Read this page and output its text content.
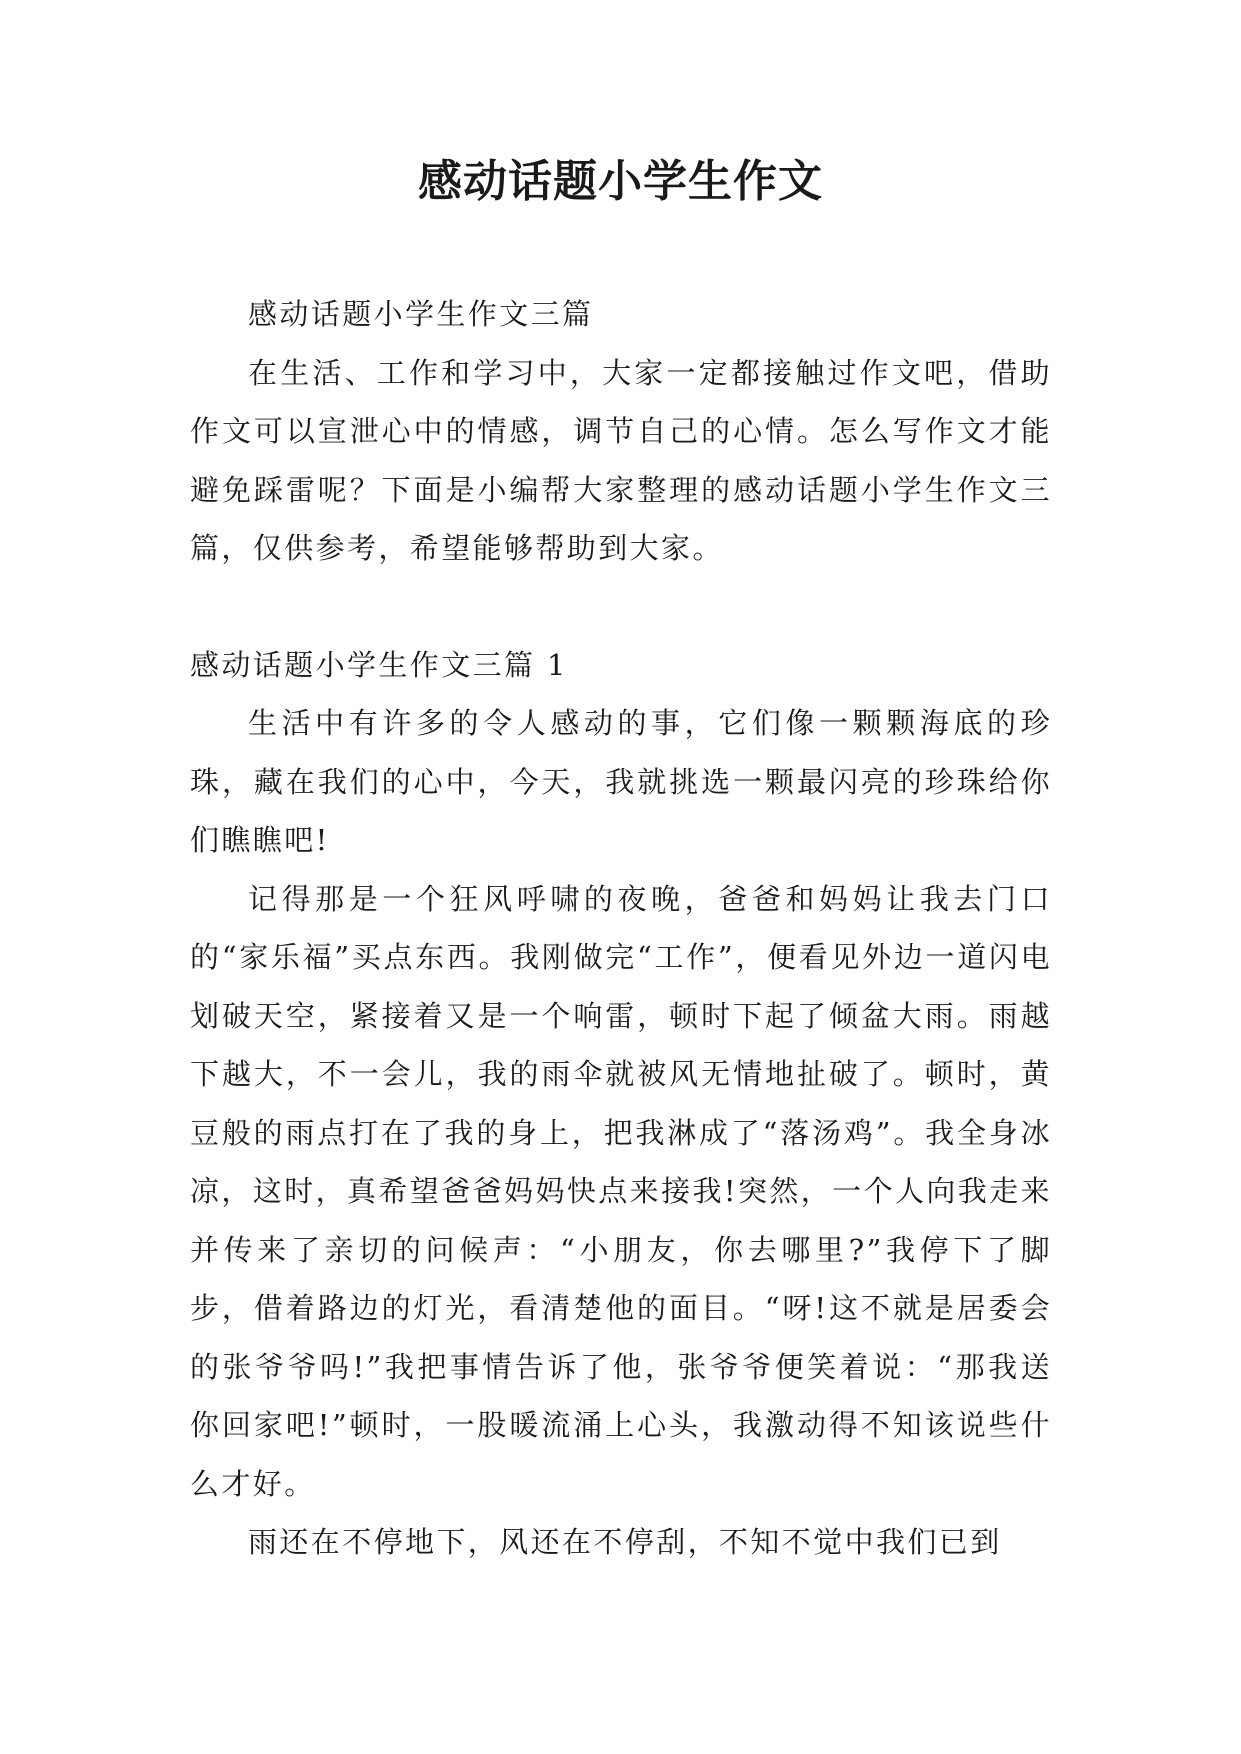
感动话题小学生作文

感动话题小学生作文三篇

在生活、工作和学习中，大家一定都接触过作文吧，借助作文可以宣泄心中的情感，调节自己的心情。怎么写作文才能避免踩雷呢？下面是小编帮大家整理的感动话题小学生作文三篇，仅供参考，希望能够帮助到大家。

感动话题小学生作文三篇 1

生活中有许多的令人感动的事，它们像一颗颗海底的珍珠，藏在我们的心中，今天，我就挑选一颗最闪亮的珍珠给你们瞧瞧吧!

记得那是一个狂风呼啸的夜晚，爸爸和妈妈让我去门口的“家乐福”买点东西。我刚做完“工作”，便看见外边一道闪电划破天空，紧接着又是一个响雷，顿时下起了倾盆大雨。雨越下越大，不一会儿，我的雨伞就被风无情地扯破了。顿时，黄豆般的雨点打在了我的身上，把我淋成了“落汤鸡”。我全身冰凉，这时，真希望爸爸妈妈快点来接我!突然，一个人向我走来并传来了亲切的问候声：“小朋友，你去哪里?”我停下了脚步，借着路边的灯光，看清楚他的面目。“呀!这不就是居委会的张爷爷吗!”我把事情告诉了他，张爷爷便笑着说：“那我送你回家吧!”顿时，一股暖流涌上心头，我激动得不知该说些什么才好。

雨还在不停地下，风还在不停刮，不知不觉中我们已到
